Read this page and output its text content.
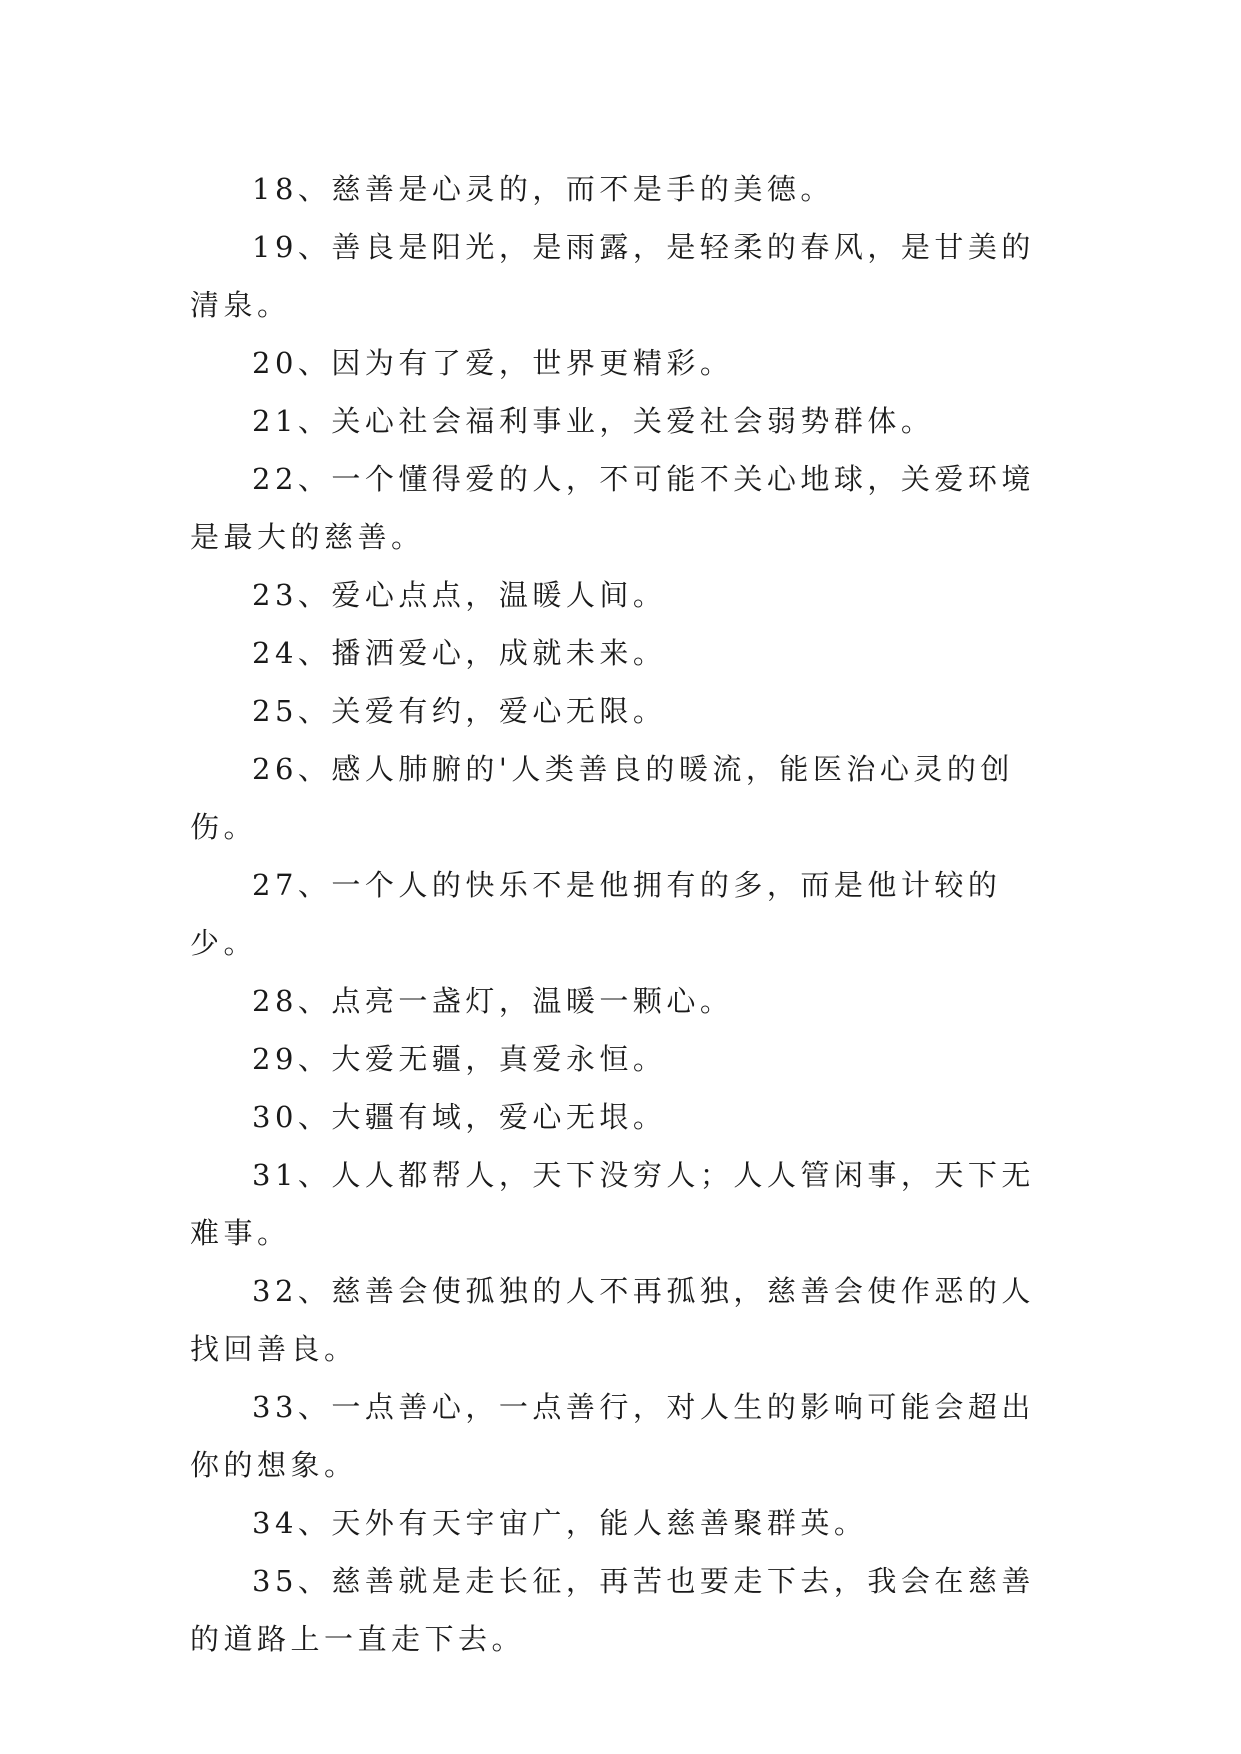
18、慈善是心灵的，而不是手的美德。

19、善良是阳光，是雨露，是轻柔的春风，是甘美的清泉。

20、因为有了爱，世界更精彩。

21、关心社会福利事业，关爱社会弱势群体。

22、一个懂得爱的人，不可能不关心地球，关爱环境是最大的慈善。

23、爱心点点，温暖人间。

24、播洒爱心，成就未来。

25、关爱有约，爱心无限。

26、感人肺腑的'人类善良的暖流，能医治心灵的创伤。

27、一个人的快乐不是他拥有的多，而是他计较的少。

28、点亮一盏灯，温暖一颗心。

29、大爱无疆，真爱永恒。

30、大疆有域，爱心无垠。

31、人人都帮人，天下没穷人；人人管闲事，天下无难事。

32、慈善会使孤独的人不再孤独，慈善会使作恶的人找回善良。

33、一点善心，一点善行，对人生的影响可能会超出你的想象。

34、天外有天宇宙广，能人慈善聚群英。

35、慈善就是走长征，再苦也要走下去，我会在慈善的道路上一直走下去。
